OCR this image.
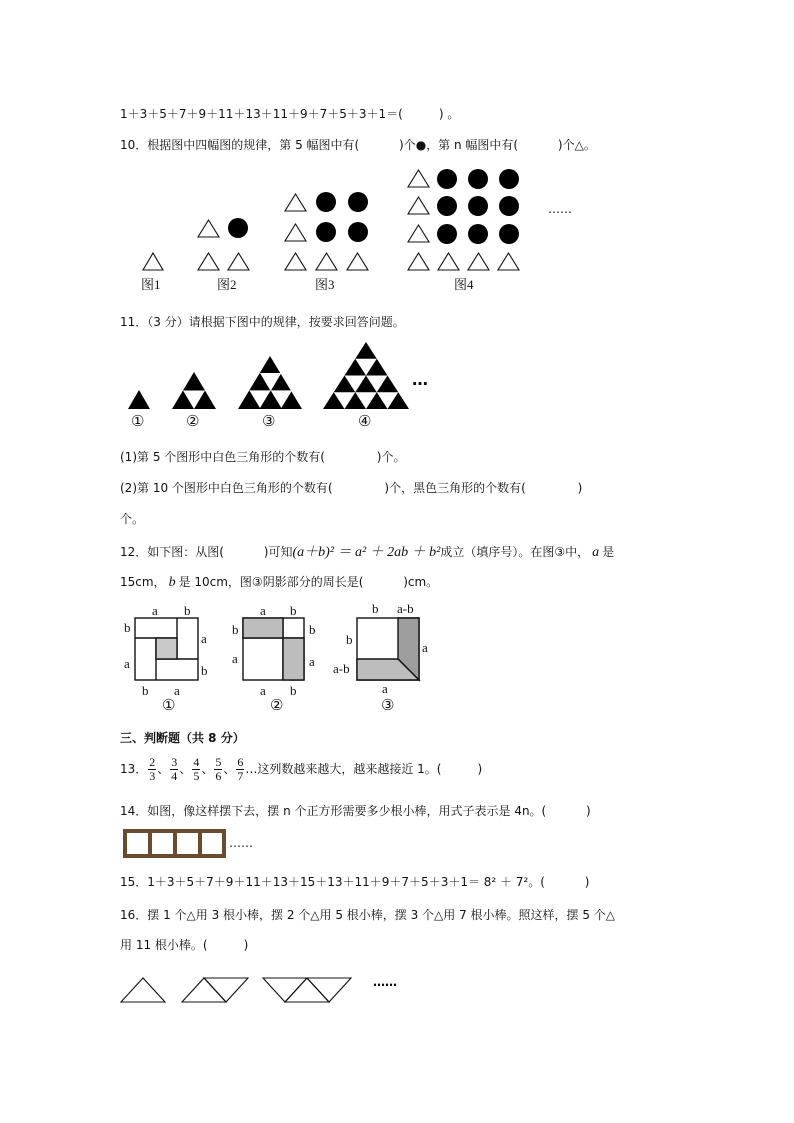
1＋3＋5＋7＋9＋11＋13＋11＋9＋7＋5＋3＋1＝(　　　) 。
10．根据图中四幅图的规律，第 5 幅图中有(　　　 )个●，第 n 幅图中有(　　　 )个△。
……
图1	图2	图3	图4
11．（3 分）请根据下图中的规律，按要求回答问题。
…
①	②	③	④
(1)第 5 个图形中白色三角形的个数有(　　　　 )个。
(2)第 10 个图形中白色三角形的个数有(　　　　 )个，黑色三角形的个数有(　　　　 )
个。
12．如下图：从图(　　　 )可知(a＋b)² ＝ a² ＋ 2ab ＋ b²成立（填序号）。在图③中， a 是
15cm， b 是 10cm，图③阴影部分的周长是(　　　 )cm。
a b
b
a
a	b
b a
a b
b	b
a	a
a b
b a-b
b
a
a-b
a
①	②	③
三、判断题（共 8 分）
13． $\frac{2}{3}$ 、 $\frac{3}{4}$ 、 $\frac{4}{5}$ 、 $\frac{5}{6}$ 、 $\frac{6}{7}$ …这列数越来越大，越来越接近 1。(　　　)
14．如图，像这样摆下去，摆 n 个正方形需要多少根小棒，用式子表示是 4n。(　　　 )
……
15．1＋3＋5＋7＋9＋11＋13＋15＋13＋11＋9＋7＋5＋3＋1＝ 8² ＋ 7²。(　　　 )
16．摆 1 个△用 3 根小棒，摆 2 个△用 5 根小棒，摆 3 个△用 7 根小棒。照这样，摆 5 个△
用 11 根小棒。(　　　)
……
